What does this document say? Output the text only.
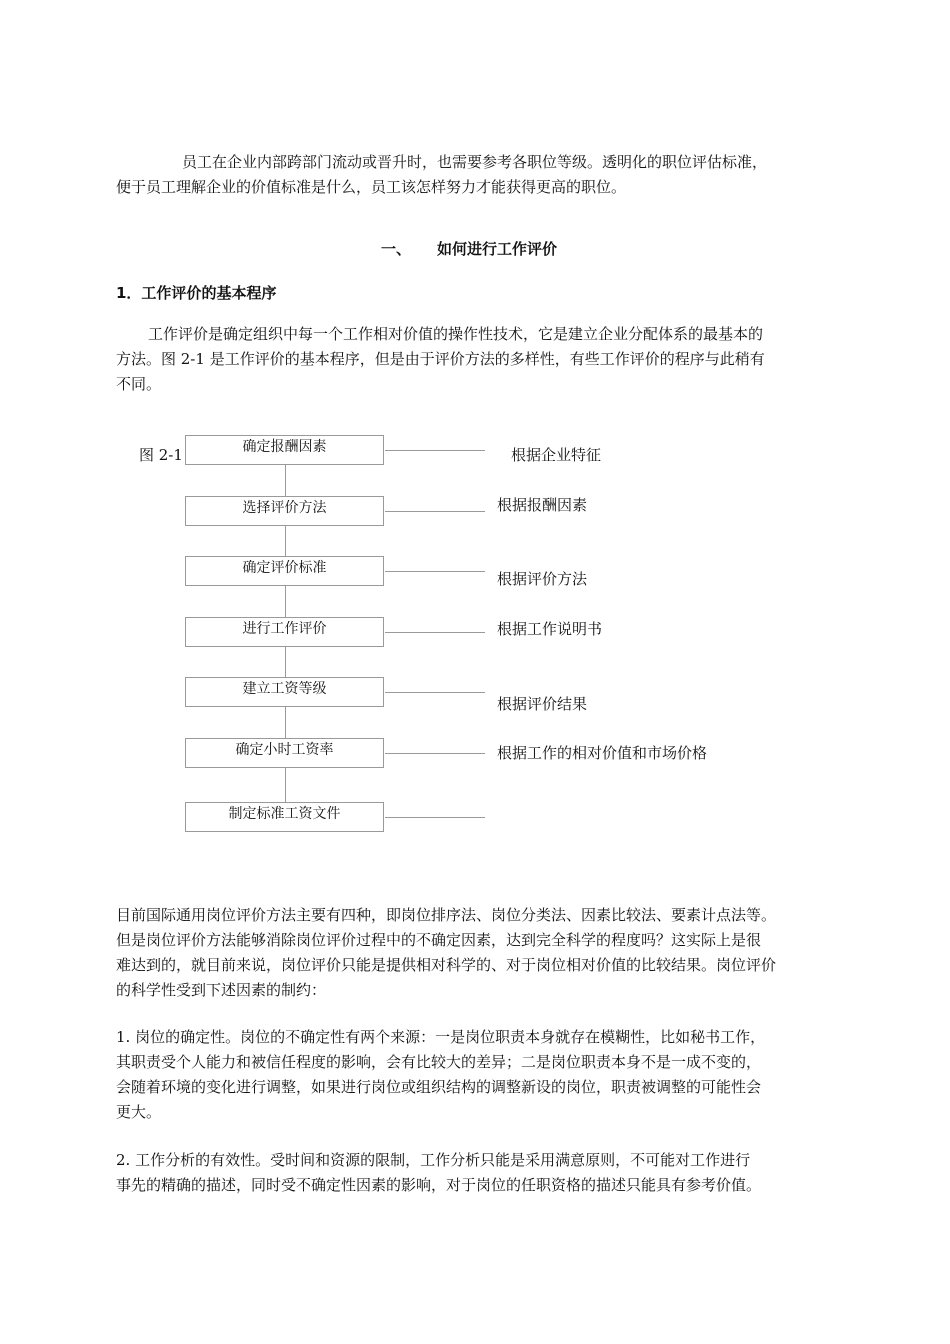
员工在企业内部跨部门流动或晋升时，也需要参考各职位等级。透明化的职位评估标准，
便于员工理解企业的价值标准是什么，员工该怎样努力才能获得更高的职位。
一、 如何进行工作评价
1．工作评价的基本程序
工作评价是确定组织中每一个工作相对价值的操作性技术，它是建立企业分配体系的最基本的
方法。图 2-1 是工作评价的基本程序，但是由于评价方法的多样性，有些工作评价的程序与此稍有
不同。
图 2-1	确定报酬因素
选择评价方法
确定评价标准
进行工作评价
建立工资等级
确定小时工资率
制定标准工资文件
根据企业特征
根据报酬因素
根据评价方法
根据工作说明书
根据评价结果
根据工作的相对价值和市场价格
目前国际通用岗位评价方法主要有四种，即岗位排序法、岗位分类法、因素比较法、要素计点法等。
但是岗位评价方法能够消除岗位评价过程中的不确定因素，达到完全科学的程度吗？这实际上是很
难达到的，就目前来说，岗位评价只能是提供相对科学的、对于岗位相对价值的比较结果。岗位评价
的科学性受到下述因素的制约：
1. 岗位的确定性。岗位的不确定性有两个来源：一是岗位职责本身就存在模糊性，比如秘书工作，
其职责受个人能力和被信任程度的影响，会有比较大的差异；二是岗位职责本身不是一成不变的，
会随着环境的变化进行调整，如果进行岗位或组织结构的调整新设的岗位，职责被调整的可能性会
更大。
2. 工作分析的有效性。受时间和资源的限制，工作分析只能是采用满意原则，不可能对工作进行
事先的精确的描述，同时受不确定性因素的影响，对于岗位的任职资格的描述只能具有参考价值。
